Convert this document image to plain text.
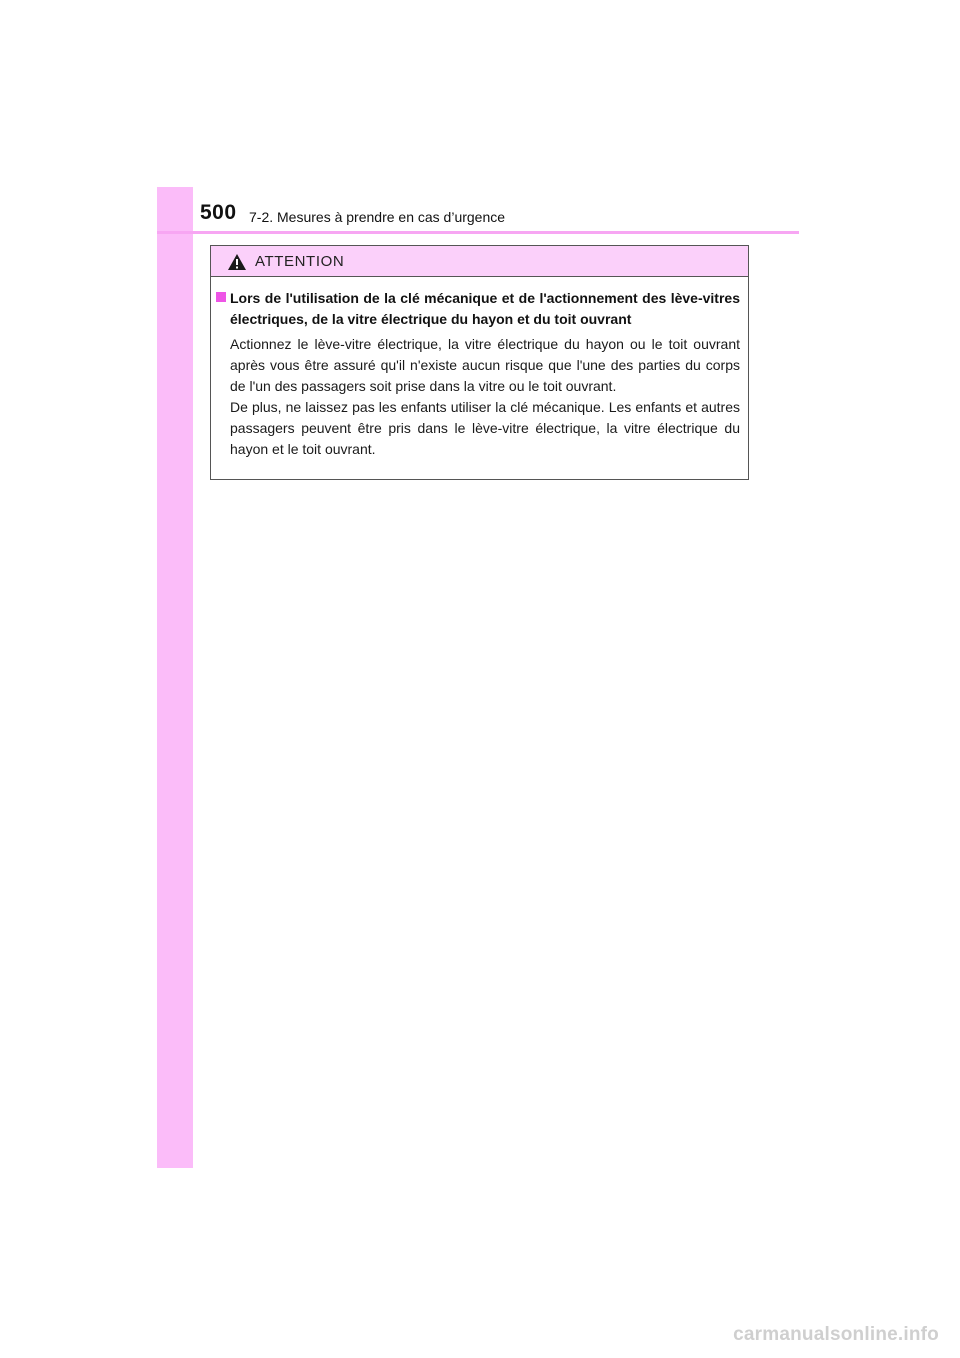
500 7-2. Mesures à prendre en cas d’urgence
ATTENTION

Lors de l'utilisation de la clé mécanique et de l'actionnement des lève-vitres électriques, de la vitre électrique du hayon et du toit ouvrant

Actionnez le lève-vitre électrique, la vitre électrique du hayon ou le toit ouvrant après vous être assuré qu'il n'existe aucun risque que l'une des parties du corps de l'un des passagers soit prise dans la vitre ou le toit ouvrant.

De plus, ne laissez pas les enfants utiliser la clé mécanique. Les enfants et autres passagers peuvent être pris dans le lève-vitre électrique, la vitre électrique du hayon et le toit ouvrant.

carmanualsonline.info
